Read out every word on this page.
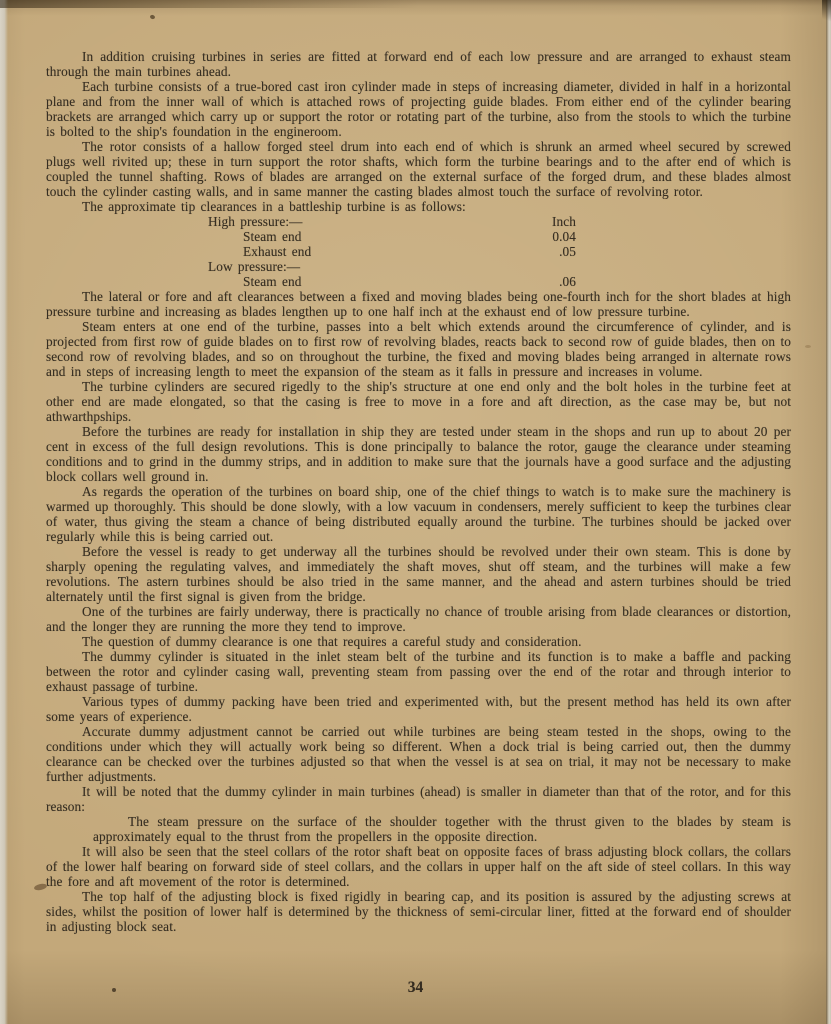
In addition cruising turbines in series are fitted at forward end of each low pressure and are arranged to exhaust steam through the main turbines ahead.

Each turbine consists of a true-bored cast iron cylinder made in steps of increasing diameter, divided in half in a horizontal plane and from the inner wall of which is attached rows of projecting guide blades. From either end of the cylinder bearing brackets are arranged which carry up or support the rotor or rotating part of the turbine, also from the stools to which the turbine is bolted to the ship's foundation in the engineroom.

The rotor consists of a hallow forged steel drum into each end of which is shrunk an armed wheel secured by screwed plugs well rivited up; these in turn support the rotor shafts, which form the turbine bearings and to the after end of which is coupled the tunnel shafting. Rows of blades are arranged on the external surface of the forged drum, and these blades almost touch the cylinder casting walls, and in same manner the casting blades almost touch the surface of revolving rotor.

The approximate tip clearances in a battleship turbine is as follows:

High pressure:—	Inch
Steam end	0.04
Exhaust end	.05
Low pressure:—
Steam end	.06

The lateral or fore and aft clearances between a fixed and moving blades being one-fourth inch for the short blades at high pressure turbine and increasing as blades lengthen up to one half inch at the exhaust end of low pressure turbine.

Steam enters at one end of the turbine, passes into a belt which extends around the circumference of cylinder, and is projected from first row of guide blades on to first row of revolving blades, reacts back to second row of guide blades, then on to second row of revolving blades, and so on throughout the turbine, the fixed and moving blades being arranged in alternate rows and in steps of increasing length to meet the expansion of the steam as it falls in pressure and increases in volume.

The turbine cylinders are secured rigedly to the ship's structure at one end only and the bolt holes in the turbine feet at other end are made elongated, so that the casing is free to move in a fore and aft direction, as the case may be, but not athwarthpships.

Before the turbines are ready for installation in ship they are tested under steam in the shops and run up to about 20 per cent in excess of the full design revolutions. This is done principally to balance the rotor, gauge the clearance under steaming conditions and to grind in the dummy strips, and in addition to make sure that the journals have a good surface and the adjusting block collars well ground in.

As regards the operation of the turbines on board ship, one of the chief things to watch is to make sure the machinery is warmed up thoroughly. This should be done slowly, with a low vacuum in condensers, merely sufficient to keep the turbines clear of water, thus giving the steam a chance of being distributed equally around the turbine. The turbines should be jacked over regularly while this is being carried out.

Before the vessel is ready to get underway all the turbines should be revolved under their own steam. This is done by sharply opening the regulating valves, and immediately the shaft moves, shut off steam, and the turbines will make a few revolutions. The astern turbines should be also tried in the same manner, and the ahead and astern turbines should be tried alternately until the first signal is given from the bridge.

One of the turbines are fairly underway, there is practically no chance of trouble arising from blade clearances or distortion, and the longer they are running the more they tend to improve.

The question of dummy clearance is one that requires a careful study and consideration.

The dummy cylinder is situated in the inlet steam belt of the turbine and its function is to make a baffle and packing between the rotor and cylinder casing wall, preventing steam from passing over the end of the rotar and through interior to exhaust passage of turbine.

Various types of dummy packing have been tried and experimented with, but the present method has held its own after some years of experience.

Accurate dummy adjustment cannot be carried out while turbines are being steam tested in the shops, owing to the conditions under which they will actually work being so different. When a dock trial is being carried out, then the dummy clearance can be checked over the turbines adjusted so that when the vessel is at sea on trial, it may not be necessary to make further adjustments.

It will be noted that the dummy cylinder in main turbines (ahead) is smaller in diameter than that of the rotor, and for this reason:

The steam pressure on the surface of the shoulder together with the thrust given to the blades by steam is approximately equal to the thrust from the propellers in the opposite direction.

It will also be seen that the steel collars of the rotor shaft beat on opposite faces of brass adjusting block collars, the collars of the lower half bearing on forward side of steel collars, and the collars in upper half on the aft side of steel collars. In this way the fore and aft movement of the rotor is determined.

The top half of the adjusting block is fixed rigidly in bearing cap, and its position is assured by the adjusting screws at sides, whilst the position of lower half is determined by the thickness of semi-circular liner, fitted at the forward end of shoulder in adjusting block seat.

34
